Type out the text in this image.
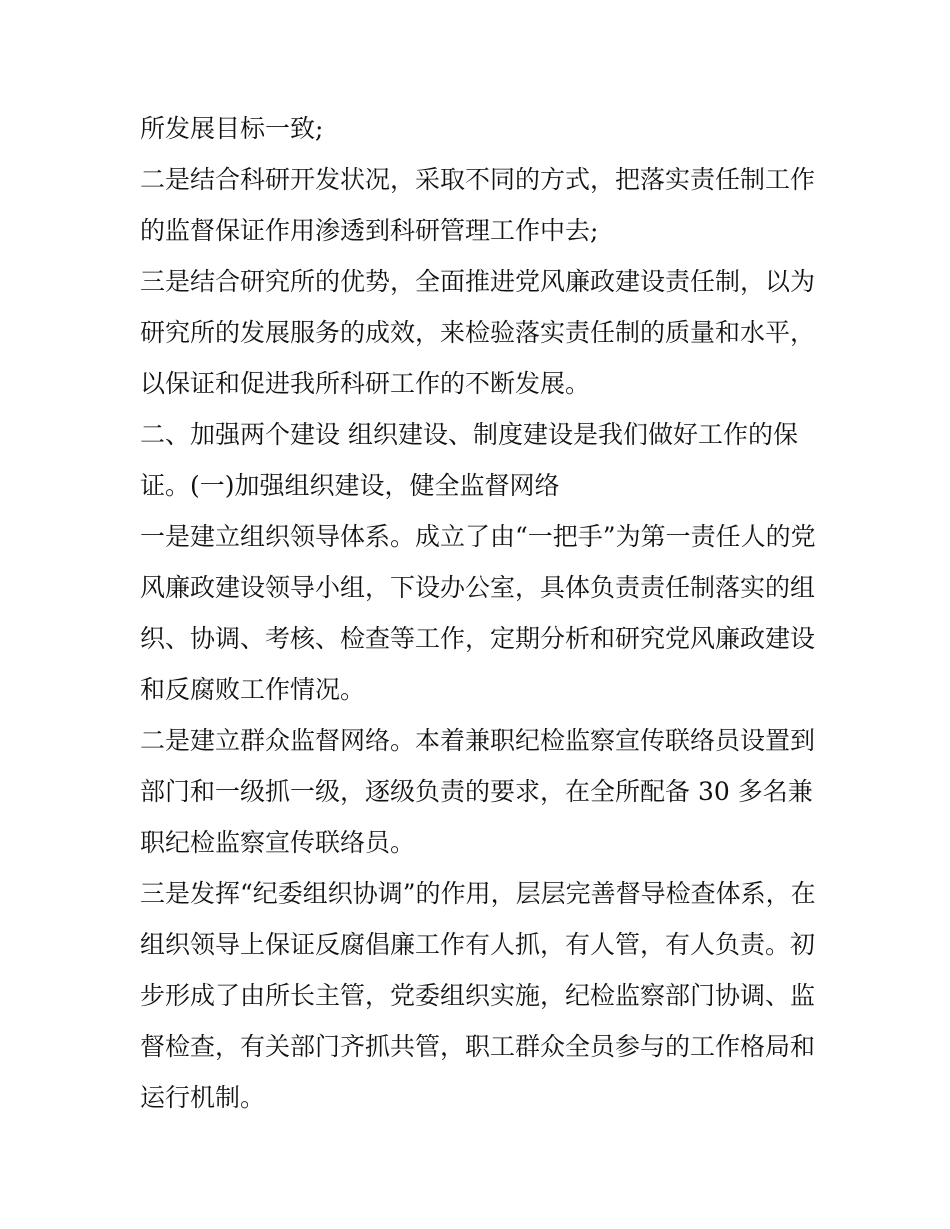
所发展目标一致;
二是结合科研开发状况，采取不同的方式，把落实责任制工作
的监督保证作用渗透到科研管理工作中去;
三是结合研究所的优势，全面推进党风廉政建设责任制，以为
研究所的发展服务的成效，来检验落实责任制的质量和水平，
以保证和促进我所科研工作的不断发展。
二、加强两个建设 组织建设、制度建设是我们做好工作的保
证。(一)加强组织建设，健全监督网络
一是建立组织领导体系。成立了由“一把手”为第一责任人的党
风廉政建设领导小组，下设办公室，具体负责责任制落实的组
织、协调、考核、检查等工作，定期分析和研究党风廉政建设
和反腐败工作情况。
二是建立群众监督网络。本着兼职纪检监察宣传联络员设置到
部门和一级抓一级，逐级负责的要求，在全所配备 30 多名兼
职纪检监察宣传联络员。
三是发挥“纪委组织协调”的作用，层层完善督导检查体系，在
组织领导上保证反腐倡廉工作有人抓，有人管，有人负责。初
步形成了由所长主管，党委组织实施，纪检监察部门协调、监
督检查，有关部门齐抓共管，职工群众全员参与的工作格局和
运行机制。
